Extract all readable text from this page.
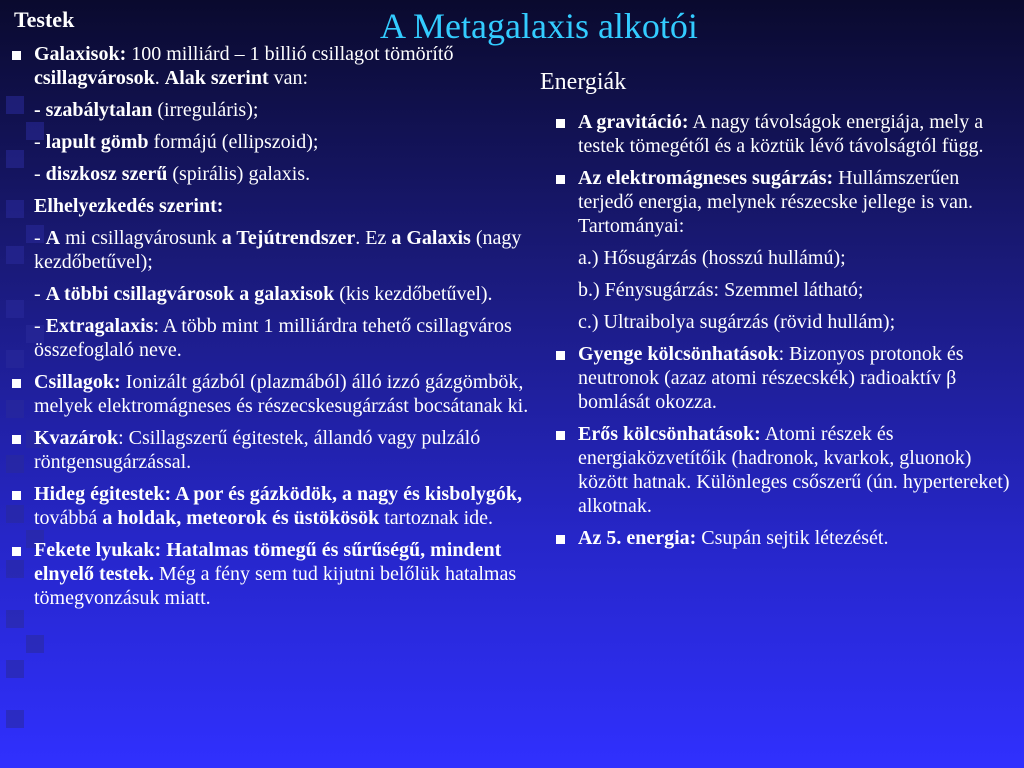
A Metagalaxis alkotói
Testek
Energiák

Galaxisok: 100 milliárd – 1 billió csillagot tömörítő csillagvárosok. Alak szerint van:

- szabálytalan (irreguláris);

- lapult gömb formájú (ellipszoid);

- diszkosz szerű (spirális) galaxis.

Elhelyezkedés szerint:

- A mi csillagvárosunk a Tejútrendszer. Ez a Galaxis (nagy kezdőbetűvel);

- A többi csillagvárosok a galaxisok (kis kezdőbetűvel).

- Extragalaxis: A több mint 1 milliárdra tehető csillagváros összefoglaló neve.

Csillagok: Ionizált gázból (plazmából) álló izzó gázgömbök, melyek elektromágneses és részecskesugárzást bocsátanak ki.

Kvazárok: Csillagszerű égitestek, állandó vagy pulzáló röntgensugárzással.

Hideg égitestek: A por és gázködök, a nagy és kisbolygók, továbbá a holdak, meteorok és üstökösök tartoznak ide.

Fekete lyukak: Hatalmas tömegű és sűrűségű, mindent elnyelő testek. Még a fény sem tud kijutni belőlük hatalmas tömegvonzásuk miatt.

A gravitáció: A nagy távolságok energiája, mely a testek tömegétől és a köztük lévő távolságtól függ.

Az elektromágneses sugárzás: Hullámszerűen terjedő energia, melynek részecske jellege is van. Tartományai:

a.) Hősugárzás (hosszú hullámú);

b.) Fénysugárzás: Szemmel látható;

c.) Ultraibolya sugárzás (rövid hullám);

Gyenge kölcsönhatások: Bizonyos protonok és neutronok (azaz atomi részecskék) radioaktív β bomlását okozza.

Erős kölcsönhatások: Atomi részek és energiaközvetítőik (hadronok, kvarkok, gluonok) között hatnak. Különleges csőszerű (ún. hypertereket) alkotnak.

Az 5. energia: Csupán sejtik létezését.
